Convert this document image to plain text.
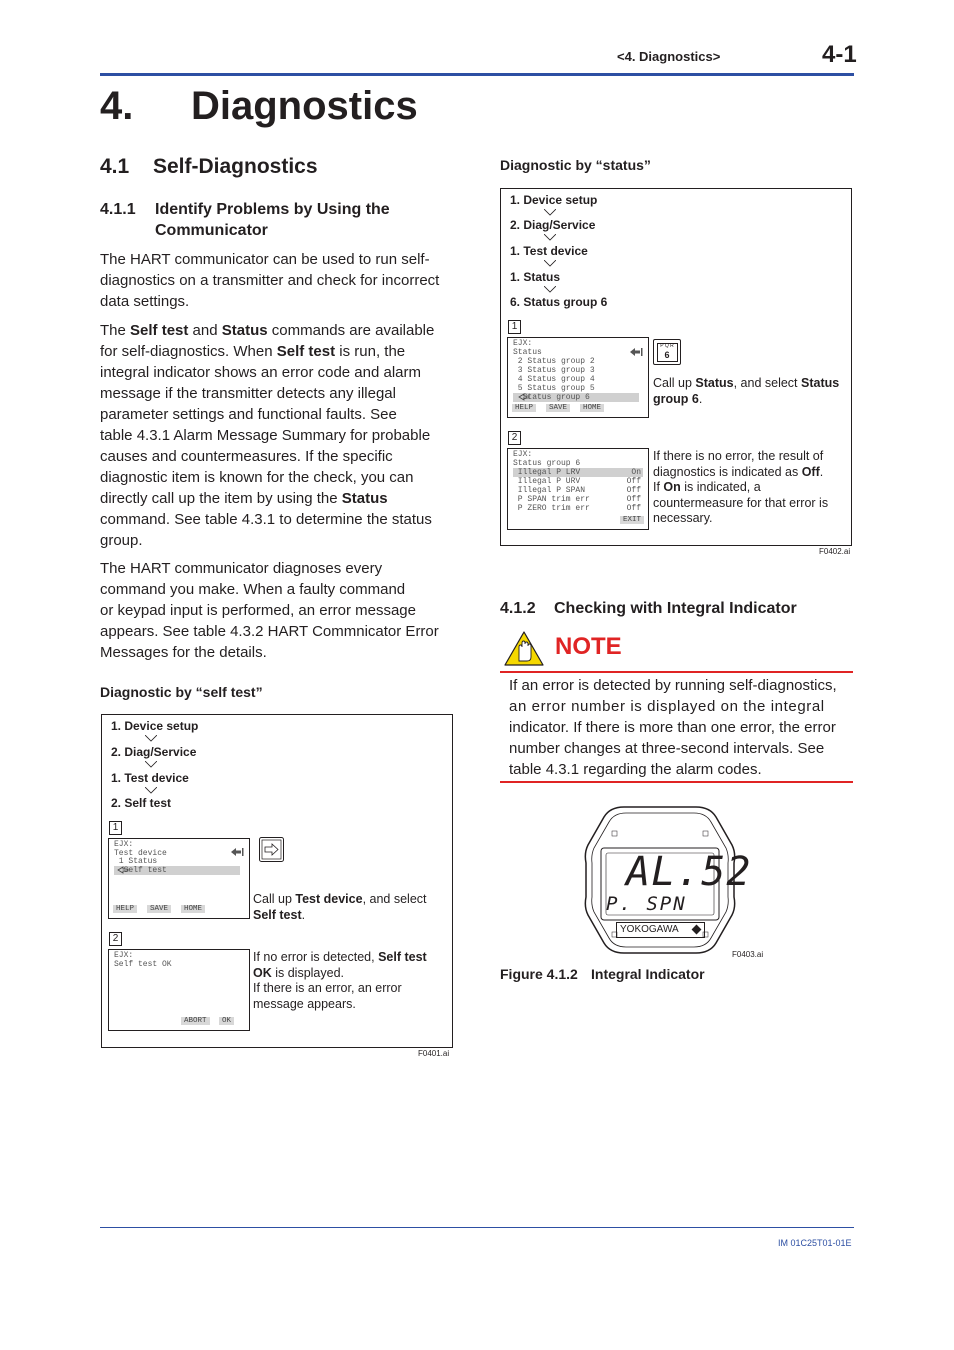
<4. Diagnostics>	4-1
4. Diagnostics
4.1 Self-Diagnostics
4.1.1 Identify Problems by Using the
Communicator
The HART communicator can be used to run self-
diagnostics on a transmitter and check for incorrect
data settings.
The Self test and Status commands are available
for self-diagnostics. When Self test is run, the
integral indicator shows an error code and alarm
message if the transmitter detects any illegal
parameter settings and functional faults. See
table 4.3.1 Alarm Message Summary for probable
causes and countermeasures. If the specific
diagnostic item is known for the check, you can
directly call up the item by using the Status
command. See table 4.3.1 to determine the status
group.
The HART communicator diagnoses every
command you make. When a faulty command
or keypad input is performed, an error message
appears. See table 4.3.2 HART Commnicator Error
Messages for the details.
Diagnostic by “self test”
1. Device setup
2. Diag/Service
1. Test device
2. Self test
1
EJX:
Test device
1 Status
Self test
HELP	SAVE	HOME
Call up Test device, and select
Self test.
2
EJX:
Self test OK
ABORT	OK
If no error is detected, Self test
OK is displayed.
If there is an error, an error
message appears.
F0401.ai
Diagnostic by “status”
1. Device setup
2. Diag/Service
1. Test device
1. Status
6. Status group 6
1
EJX:
Status
2 Status group 2
3 Status group 3
4 Status group 4
5 Status group 5
Status group 6
HELP	SAVE	HOME
P Q R
6
Call up Status, and select Status
group 6.
2
EJX:
Status group 6
Illegal P LRV	On
Illegal P URV	Off
Illegal P SPAN	Off
P SPAN trim err	Off
P ZERO trim err	Off
EXIT
If there is no error, the result of
diagnostics is indicated as Off.
If On is indicated, a
countermeasure for that error is
necessary.
F0402.ai
4.1.2 Checking with Integral Indicator
NOTE
If an error is detected by running self-diagnostics,
an error number is displayed on the integral
indicator. If there is more than one error, the error
number changes at three-second intervals. See
table 4.3.1 regarding the alarm codes.
AL.52
P. SPN
YOKOGAWA
F0403.ai
Figure 4.1.2 Integral Indicator
IM 01C25T01-01E
